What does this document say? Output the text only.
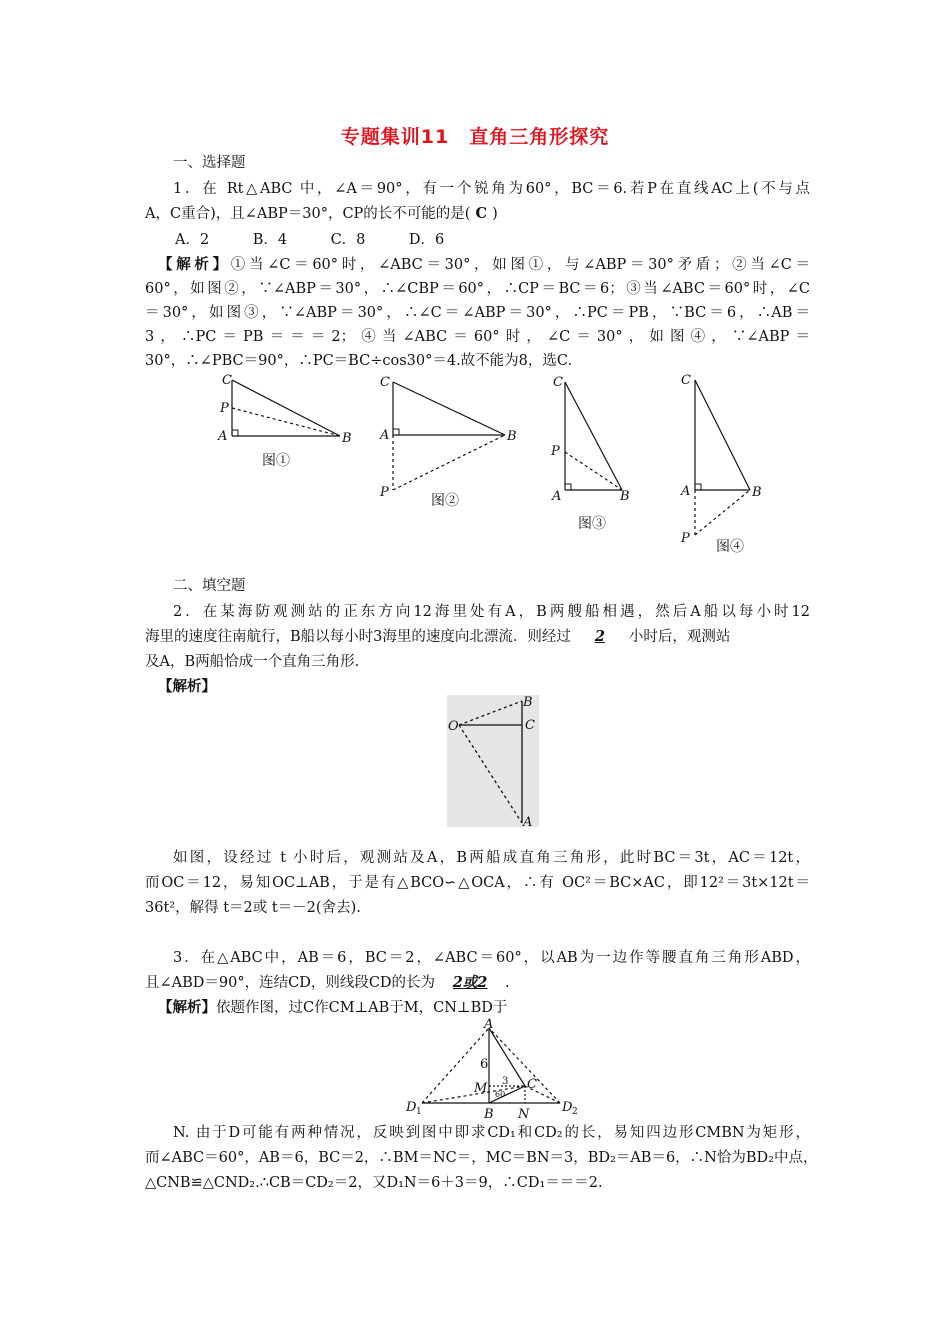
专题集训11　直角三角形探究
一、选择题
1．在 Rt△ABC 中，∠A＝90°，有一个锐角为60°，BC＝6.若P在直线AC上(不与点
A，C重合)，且∠ABP＝30°，CP的长不可能的是( C )
A．2　　　B．4　　　C．8　　　D．6
【解析】①当∠C＝60°时，∠ABC＝30°，如图①，与∠ABP＝30°矛盾；②当∠C＝
60°，如图②，∵∠ABP＝30°，∴∠CBP＝60°，∴CP＝BC＝6；③当∠ABC＝60°时，∠C
＝30°，如图③，∵∠ABP＝30°，∴∠C＝∠ABP＝30°，∴PC＝PB，∵BC＝6，∴AB＝
3，∴PC＝PB＝＝＝2；④当∠ABC＝60°时，∠C＝30°，如图④，∵∠ABP＝
30°，∴∠PBC＝90°，∴PC＝BC÷cos30°＝4.故不能为8，选C.
C
P
A	B
C
A	B
P
C
P
A	B
C
A	B
P
图①
图②
图③
图④
二、填空题
2．在某海防观测站的正东方向12海里处有A，B两艘船相遇，然后A船以每小时12
海里的速度往南航行，B船以每小时3海里的速度向北漂流．则经过 2 小时后，观测站
及A，B两船恰成一个直角三角形.
【解析】
B
C
O
A
如图，设经过 t 小时后，观测站及A，B两船成直角三角形，此时BC＝3t，AC＝12t，
而OC＝12，易知OC⊥AB，于是有△BCO∽△OCA，∴有 OC²＝BC×AC，即12²＝3t×12t＝
36t²，解得 t＝2或 t＝－2(舍去).
3．在△ABC中，AB＝6，BC＝2，∠ABC＝60°，以AB为一边作等腰直角三角形ABD，
且∠ABD＝90°，连结CD，则线段CD的长为 2或2 .
【解析】依题作图，过C作CM⊥AB于M，CN⊥BD于
A
6
M	C
3
60
B N
D 1	D 2
N. 由于D可能有两种情况，反映到图中即求CD₁和CD₂的长，易知四边形CMBN为矩形，
而∠ABC＝60°，AB＝6，BC＝2，∴BM＝NC＝，MC＝BN＝3，BD₂＝AB＝6，∴N恰为BD₂中点，
△CNB≌△CND₂.∴CB＝CD₂＝2，又D₁N＝6＋3＝9，∴CD₁＝＝＝2.
